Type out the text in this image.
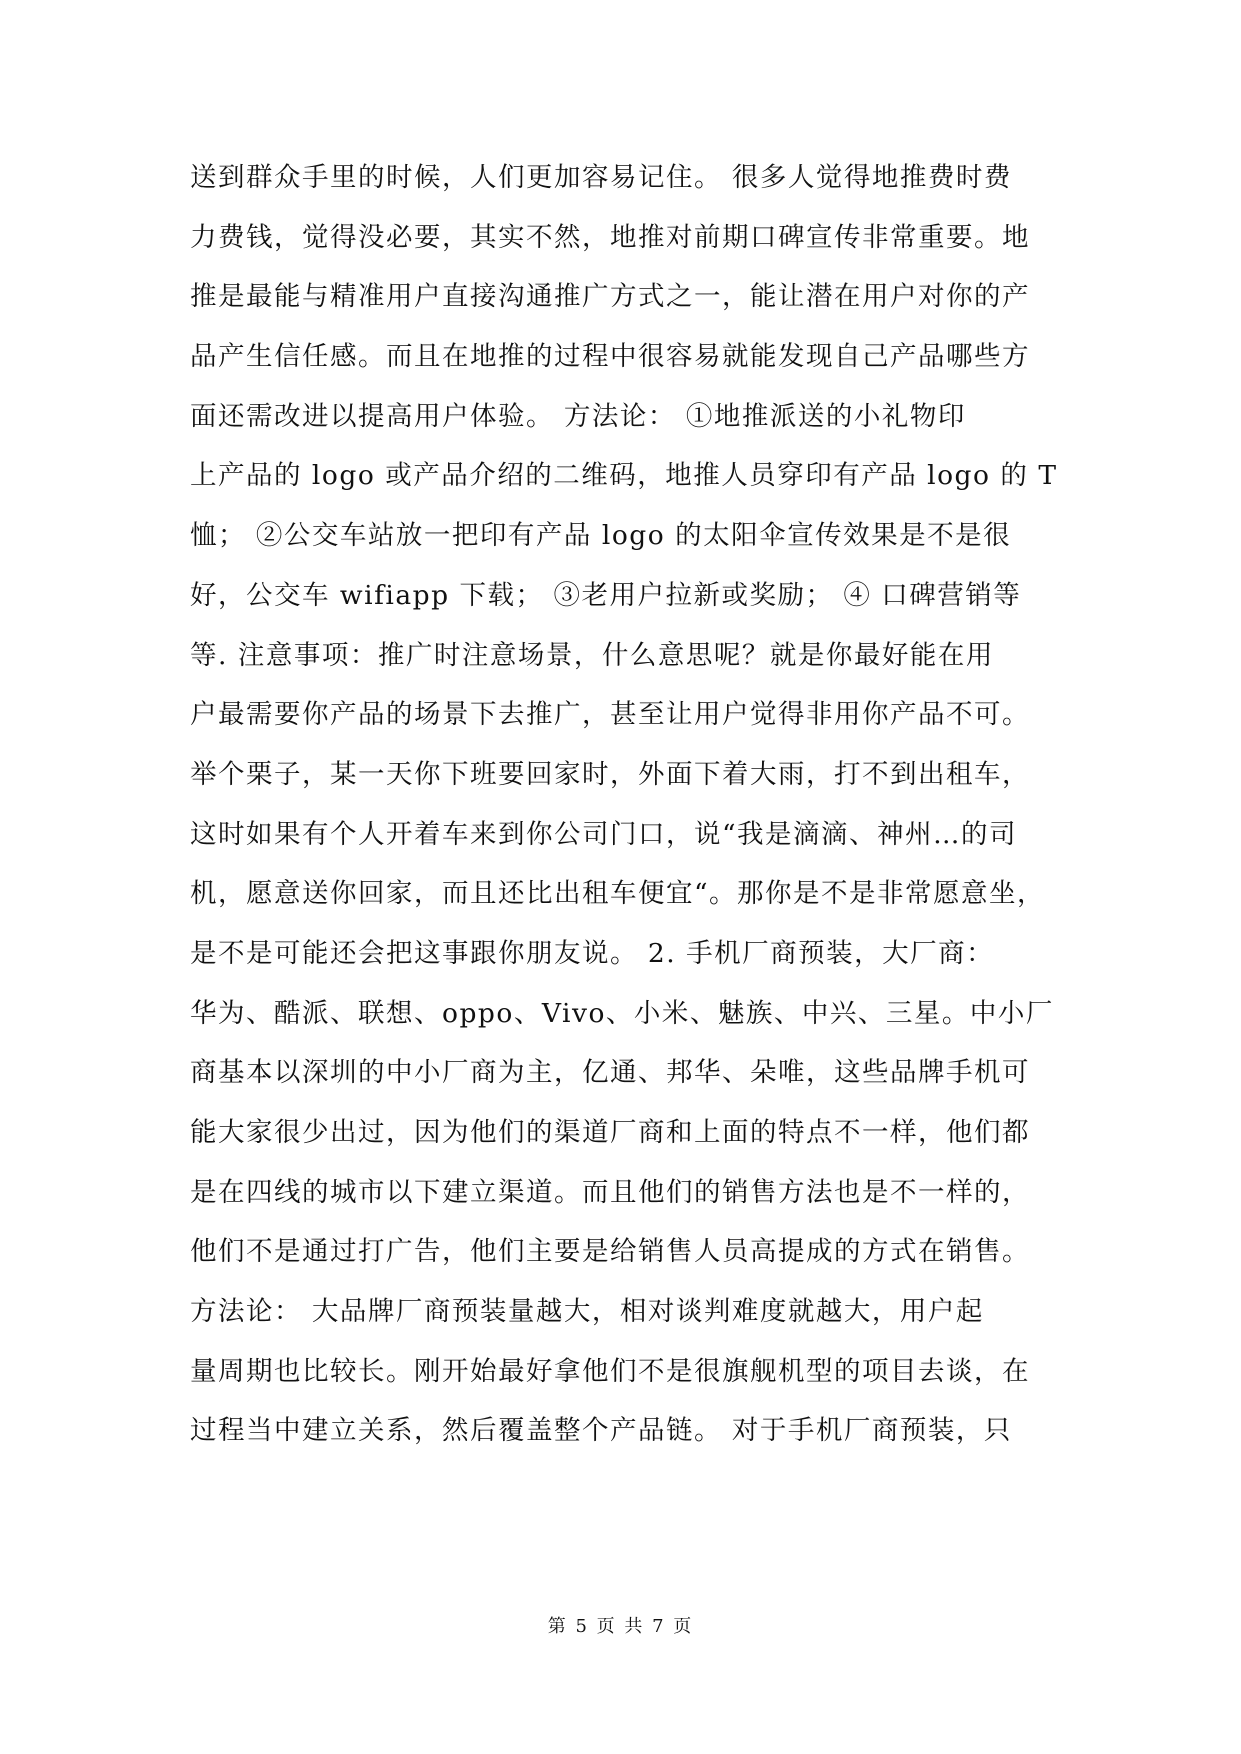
送到群众手里的时候，人们更加容易记住。 很多人觉得地推费时费
力费钱，觉得没必要，其实不然，地推对前期口碑宣传非常重要。地
推是最能与精准用户直接沟通推广方式之一，能让潜在用户对你的产
品产生信任感。而且在地推的过程中很容易就能发现自己产品哪些方
面还需改进以提高用户体验。 方法论： ①地推派送的小礼物印
上产品的 logo 或产品介绍的二维码，地推人员穿印有产品 logo 的 T
恤； ②公交车站放一把印有产品 logo 的太阳伞宣传效果是不是很
好，公交车 wifiapp 下载； ③老用户拉新或奖励； ④ 口碑营销等
等. 注意事项：推广时注意场景，什么意思呢？就是你最好能在用
户最需要你产品的场景下去推广，甚至让用户觉得非用你产品不可。
举个栗子，某一天你下班要回家时，外面下着大雨，打不到出租车，
这时如果有个人开着车来到你公司门口，说“我是滴滴、神州…的司
机，愿意送你回家，而且还比出租车便宜“。那你是不是非常愿意坐，
是不是可能还会把这事跟你朋友说。 2. 手机厂商预装，大厂商：
华为、酷派、联想、oppo、Vivo、小米、魅族、中兴、三星。中小厂
商基本以深圳的中小厂商为主，亿通、邦华、朵唯，这些品牌手机可
能大家很少出过，因为他们的渠道厂商和上面的特点不一样，他们都
是在四线的城市以下建立渠道。而且他们的销售方法也是不一样的，
他们不是通过打广告，他们主要是给销售人员高提成的方式在销售。
方法论： 大品牌厂商预装量越大，相对谈判难度就越大，用户起
量周期也比较长。刚开始最好拿他们不是很旗舰机型的项目去谈，在
过程当中建立关系，然后覆盖整个产品链。 对于手机厂商预装，只
第 5 页 共 7 页
